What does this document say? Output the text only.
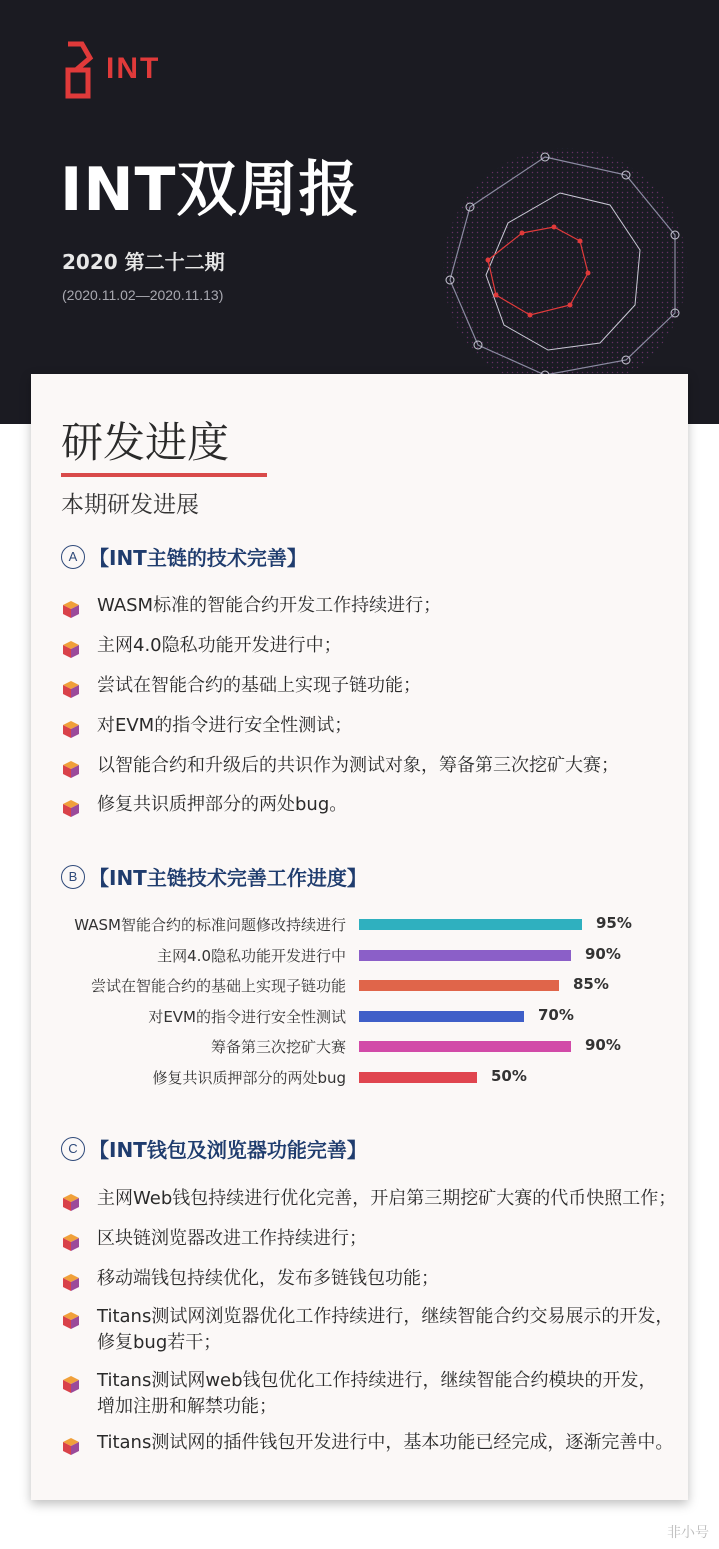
INT
INT双周报
2020 第二十二期
(2020.11.02—2020.11.13)
研发进度
本期研发进展
A 【INT主链的技术完善】
WASM标准的智能合约开发工作持续进行；
主网4.0隐私功能开发进行中；
尝试在智能合约的基础上实现子链功能；
对EVM的指令进行安全性测试；
以智能合约和升级后的共识作为测试对象，筹备第三次挖矿大赛；
修复共识质押部分的两处bug。
B 【INT主链技术完善工作进度】
WASM智能合约的标准问题修改持续进行	95%
主网4.0隐私功能开发进行中	90%
尝试在智能合约的基础上实现子链功能	85%
对EVM的指令进行安全性测试	70%
筹备第三次挖矿大赛	90%
修复共识质押部分的两处bug	50%
C 【INT钱包及浏览器功能完善】
主网Web钱包持续进行优化完善，开启第三期挖矿大赛的代币快照工作；
区块链浏览器改进工作持续进行；
移动端钱包持续优化，发布多链钱包功能；
Titans测试网浏览器优化工作持续进行，继续智能合约交易展示的开发，修复bug若干；
Titans测试网web钱包优化工作持续进行，继续智能合约模块的开发，增加注册和解禁功能；
Titans测试网的插件钱包开发进行中，基本功能已经完成，逐渐完善中。
非小号
